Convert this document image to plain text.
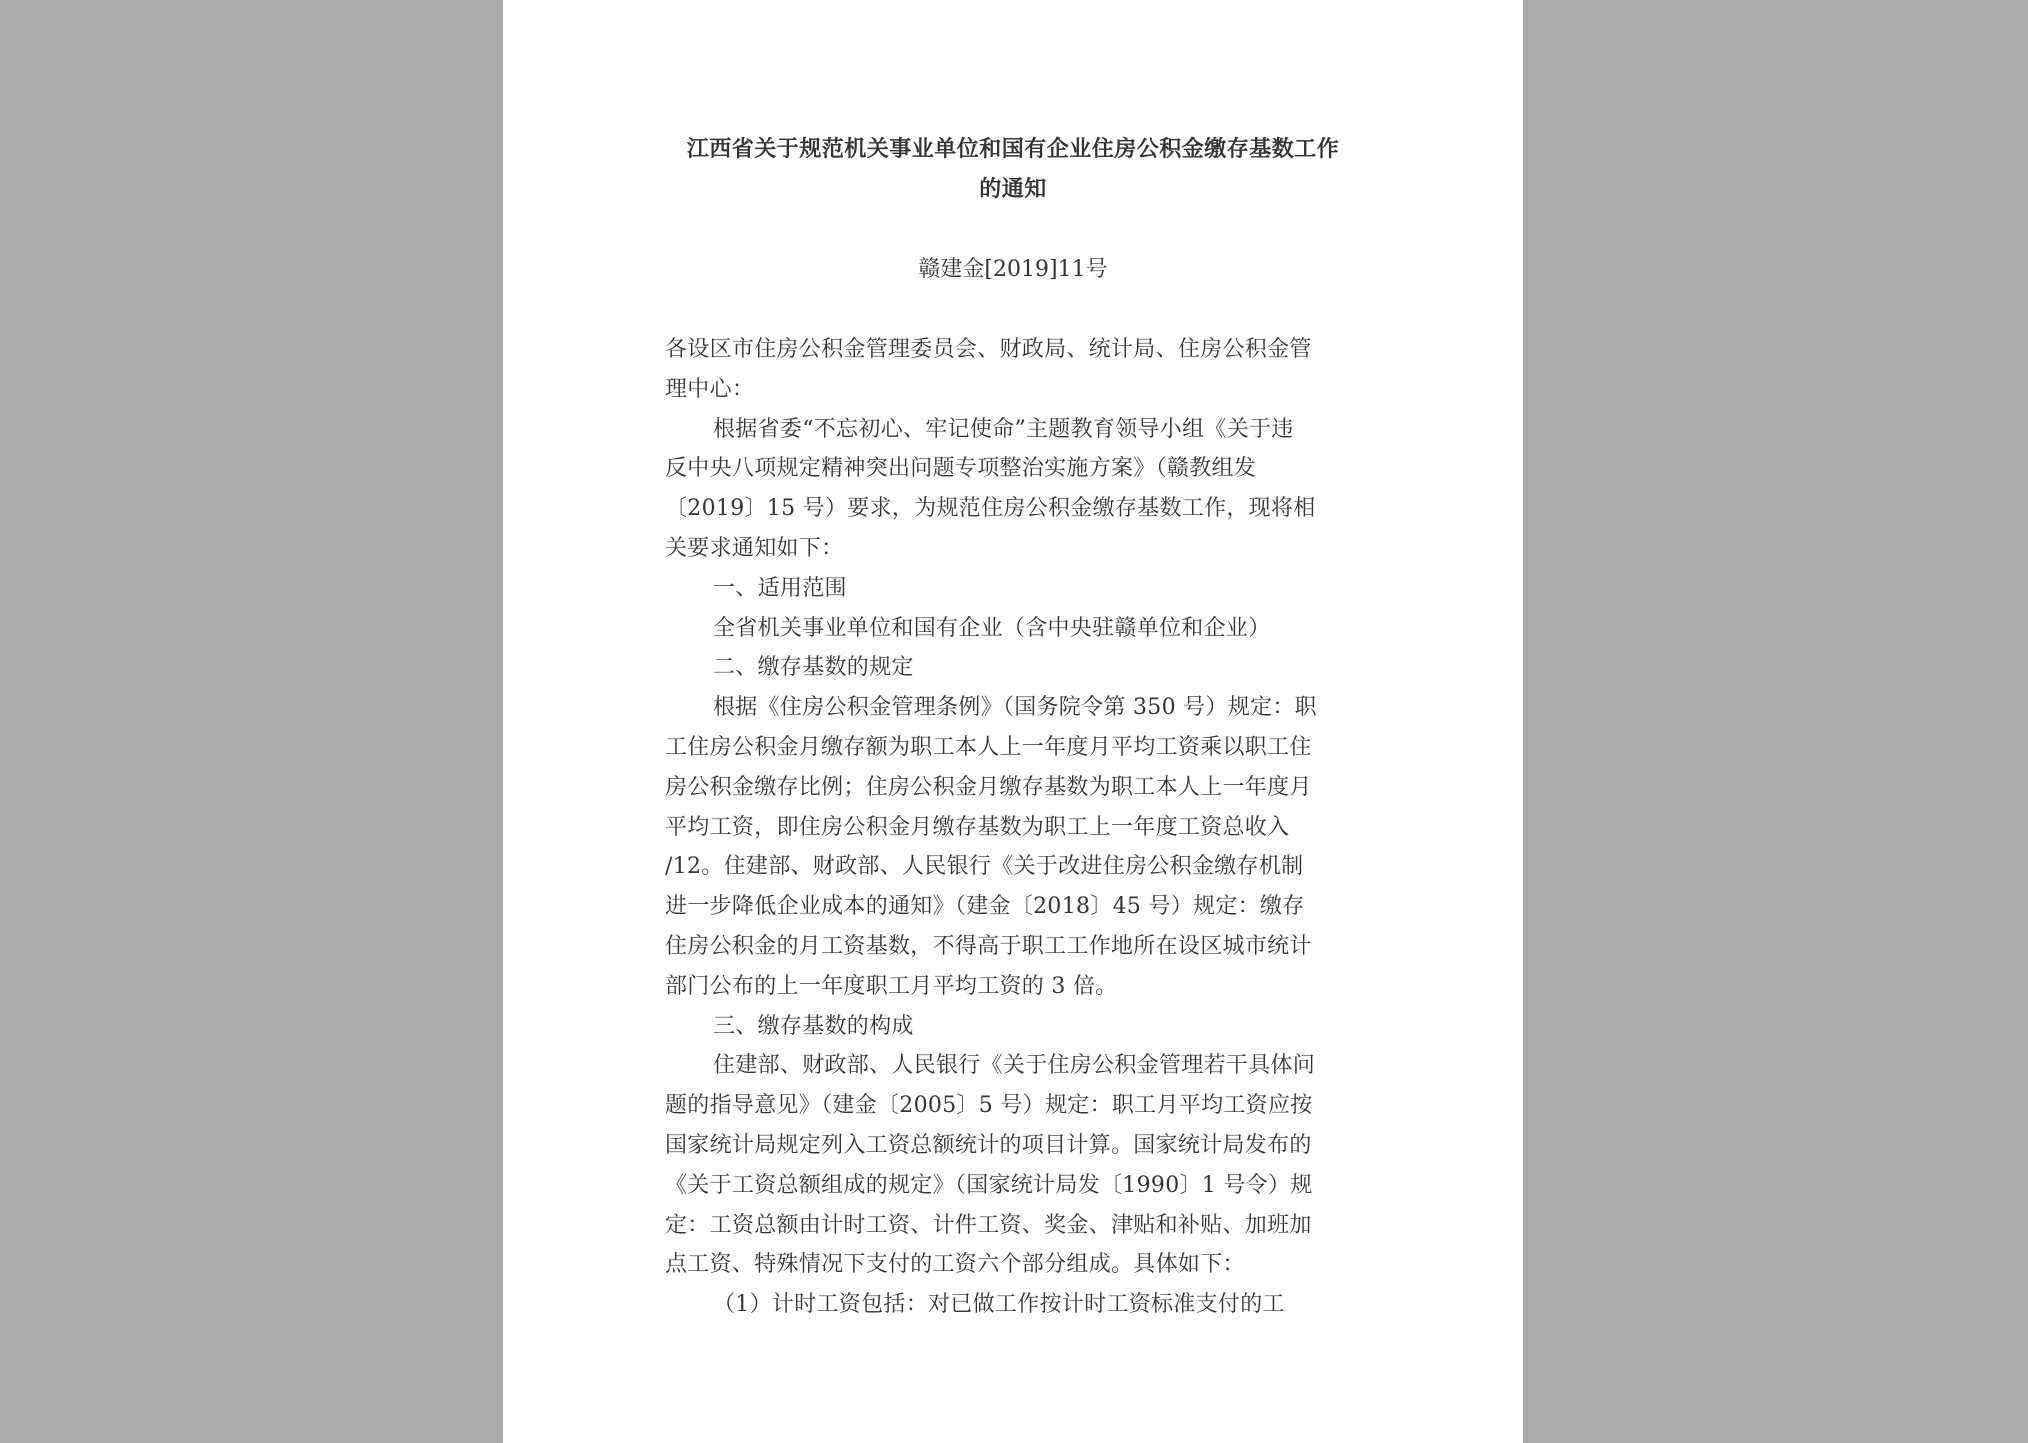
江西省关于规范机关事业单位和国有企业住房公积金缴存基数工作
的通知
赣建金[2019]11号
各设区市住房公积金管理委员会、财政局、统计局、住房公积金管
理中心：
根据省委“不忘初心、牢记使命”主题教育领导小组《关于违
反中央八项规定精神突出问题专项整治实施方案》（赣教组发
〔2019〕15 号）要求，为规范住房公积金缴存基数工作，现将相
关要求通知如下：
一、适用范围
全省机关事业单位和国有企业（含中央驻赣单位和企业）
二、缴存基数的规定
根据《住房公积金管理条例》（国务院令第 350 号）规定：职
工住房公积金月缴存额为职工本人上一年度月平均工资乘以职工住
房公积金缴存比例；住房公积金月缴存基数为职工本人上一年度月
平均工资，即住房公积金月缴存基数为职工上一年度工资总收入
/12。住建部、财政部、人民银行《关于改进住房公积金缴存机制
进一步降低企业成本的通知》（建金〔2018〕45 号）规定：缴存
住房公积金的月工资基数，不得高于职工工作地所在设区城市统计
部门公布的上一年度职工月平均工资的 3 倍。
三、缴存基数的构成
住建部、财政部、人民银行《关于住房公积金管理若干具体问
题的指导意见》（建金〔2005〕5 号）规定：职工月平均工资应按
国家统计局规定列入工资总额统计的项目计算。国家统计局发布的
《关于工资总额组成的规定》（国家统计局发〔1990〕1 号令）规
定：工资总额由计时工资、计件工资、奖金、津贴和补贴、加班加
点工资、特殊情况下支付的工资六个部分组成。具体如下：
（1）计时工资包括：对已做工作按计时工资标准支付的工
